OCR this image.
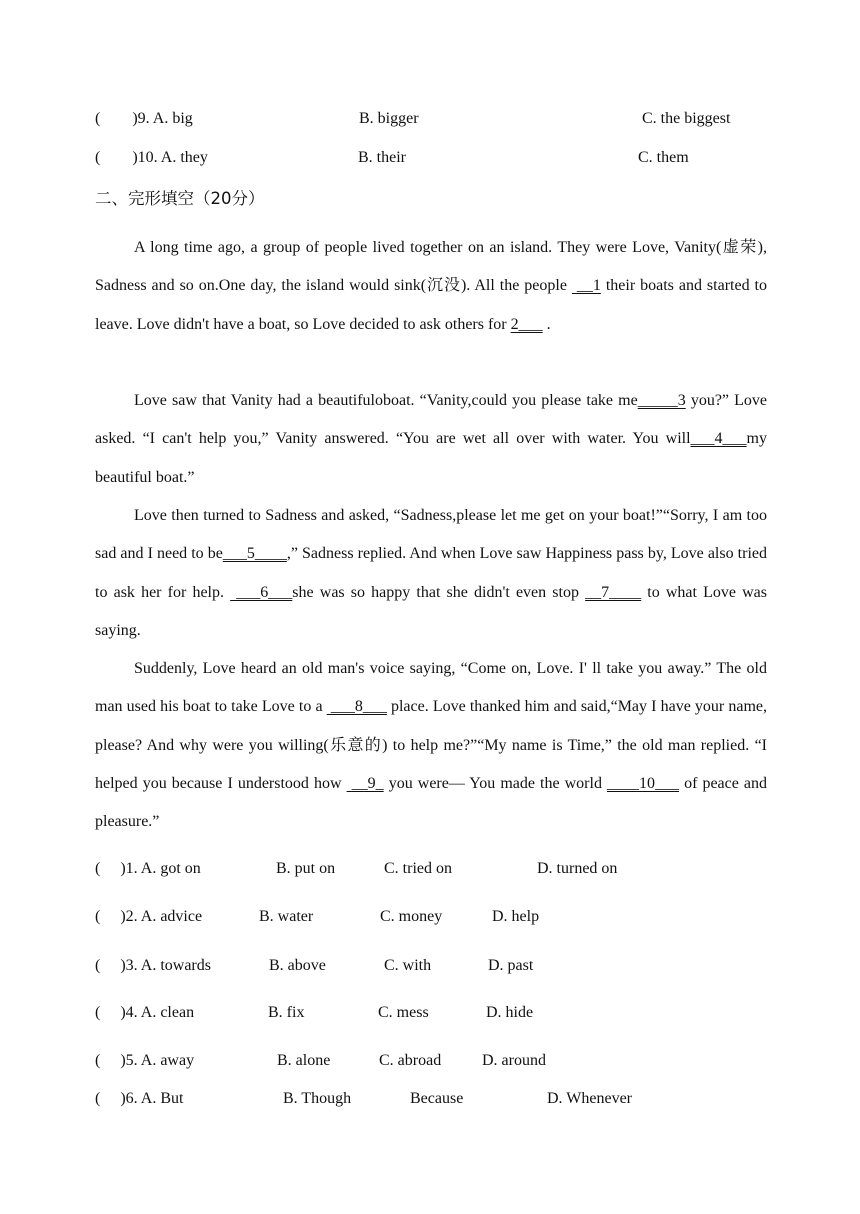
(　　)9. A. big	B. bigger	C. the biggest
(　　)10. A. they	B. their	C. them
二、完形填空（20分）

A long time ago, a group of people lived together on an island. They were Love, Vanity(虚荣), Sadness and so on.One day, the island would sink(沉没). All the people  __1 their boats and started to leave. Love didn't have a boat, so Love decided to ask others for 2___ .

Love saw that Vanity had a beautifuloboat. “Vanity,could you please take me_____3 you?” Love asked. “I can't help you,” Vanity answered. “You are wet all over with water. You will___4___my beautiful boat.”

Love then turned to Sadness and asked, “Sadness,please let me get on your boat!”“Sorry, I am too sad and I need to be___5____,” Sadness replied. And when Love saw Happiness pass by, Love also tried to ask her for help.  ___6___she was so happy that she didn't even stop __7____ to what Love was saying.

Suddenly, Love heard an old man's voice saying, “Come on, Love. I' ll take you away.” The old man used his boat to take Love to a  ___8___ place. Love thanked him and said,“May I have your name, please? And why were you willing(乐意的) to help me?”“My name is Time,” the old man replied. “I helped you because I understood how  __9_ you were— You made the world ____10___ of peace and pleasure.”

(　 )1. A. got on	B. put on	C. tried on	D. turned on
(　 )2. A. advice	B. water	C. money	D. help
(　 )3. A. towards	B. above	C. with	D. past
(　 )4. A. clean	B. fix	C. mess	D. hide
(　 )5. A. away	B. alone	C. abroad	D. around
(　 )6. A. But	B. Though	Because	D. Whenever
